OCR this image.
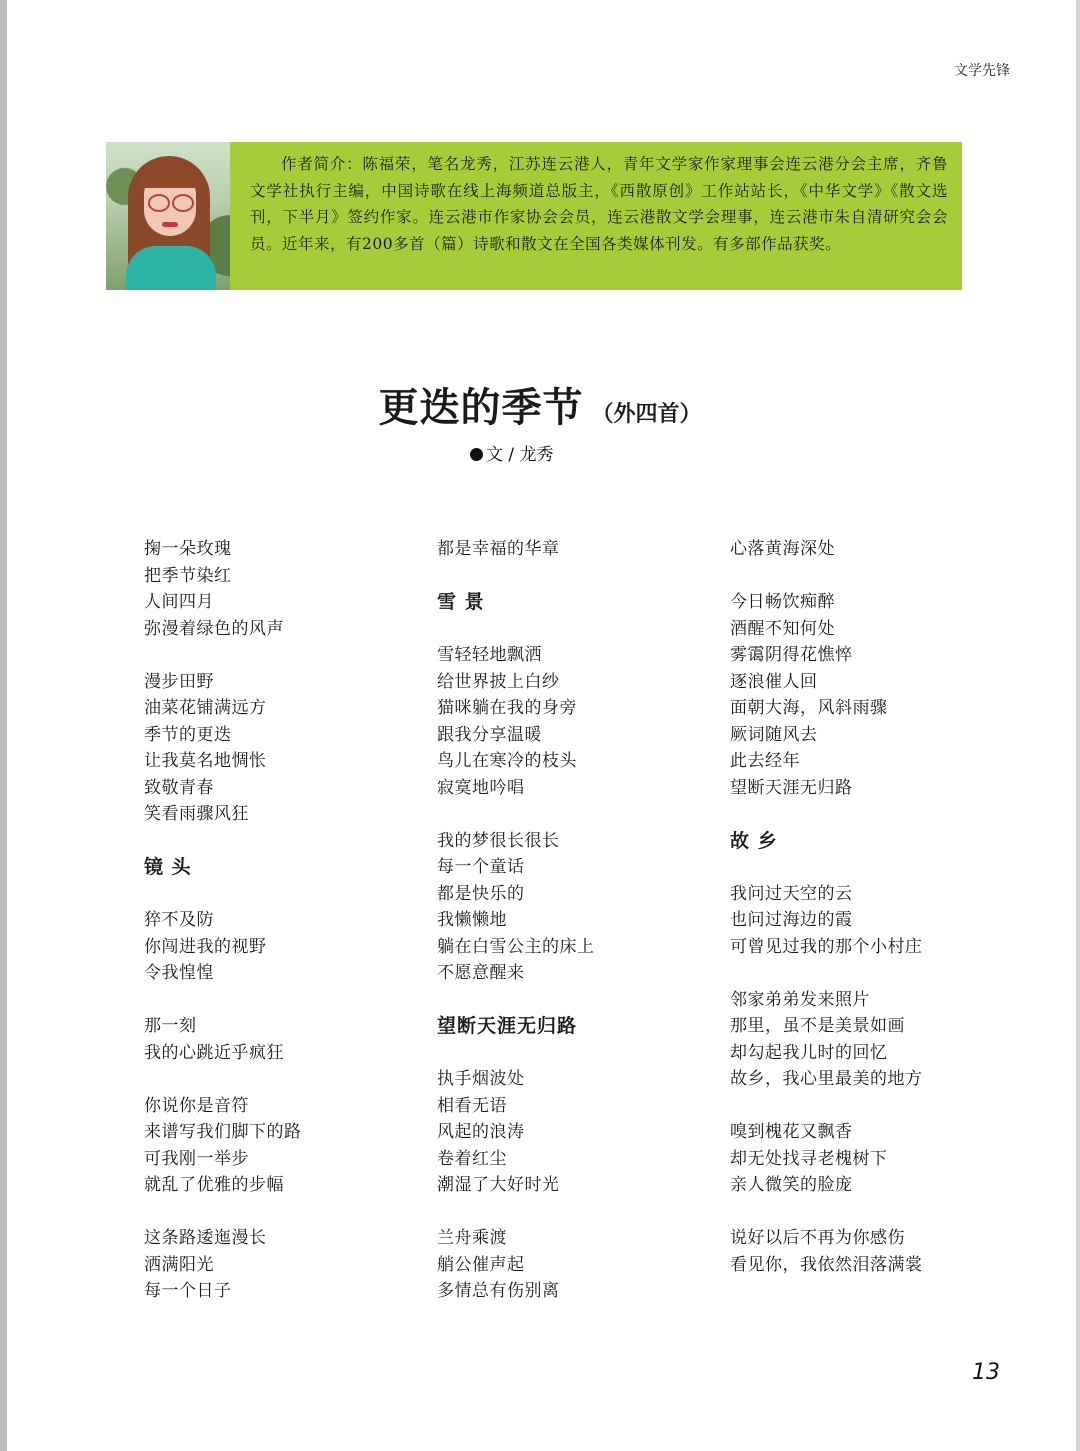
文学先锋
作者简介：陈福荣，笔名龙秀，江苏连云港人，青年文学家作家理事会连云港分会主席，齐鲁文学社执行主编，中国诗歌在线上海频道总版主，《西散原创》工作站站长，《中华文学》《散文选刊，下半月》签约作家。连云港市作家协会会员，连云港散文学会理事，连云港市朱自清研究会会员。近年来，有200多首（篇）诗歌和散文在全国各类媒体刊发。有多部作品获奖。
更迭的季节 （外四首）
文 / 龙秀
掬一朵玫瑰
把季节染红
人间四月
弥漫着绿色的风声
漫步田野
油菜花铺满远方
季节的更迭
让我莫名地惆怅
致敬青春
笑看雨骤风狂
镜 头
猝不及防
你闯进我的视野
令我惶惶
那一刻
我的心跳近乎疯狂
你说你是音符
来谱写我们脚下的路
可我刚一举步
就乱了优雅的步幅
这条路逶迤漫长
洒满阳光
每一个日子
都是幸福的华章
雪 景
雪轻轻地飘洒
给世界披上白纱
猫咪躺在我的身旁
跟我分享温暖
鸟儿在寒冷的枝头
寂寞地吟唱
我的梦很长很长
每一个童话
都是快乐的
我懒懒地
躺在白雪公主的床上
不愿意醒来
望断天涯无归路
执手烟波处
相看无语
风起的浪涛
卷着红尘
潮湿了大好时光
兰舟乘渡
艄公催声起
多情总有伤别离
心落黄海深处
今日畅饮痴醉
酒醒不知何处
雾霭阴得花憔悴
逐浪催人回
面朝大海，风斜雨骤
厥词随风去
此去经年
望断天涯无归路
故 乡
我问过天空的云
也问过海边的霞
可曾见过我的那个小村庄
邻家弟弟发来照片
那里，虽不是美景如画
却勾起我儿时的回忆
故乡，我心里最美的地方
嗅到槐花又飘香
却无处找寻老槐树下
亲人微笑的脸庞
说好以后不再为你感伤
看见你，我依然泪落满裳
13
